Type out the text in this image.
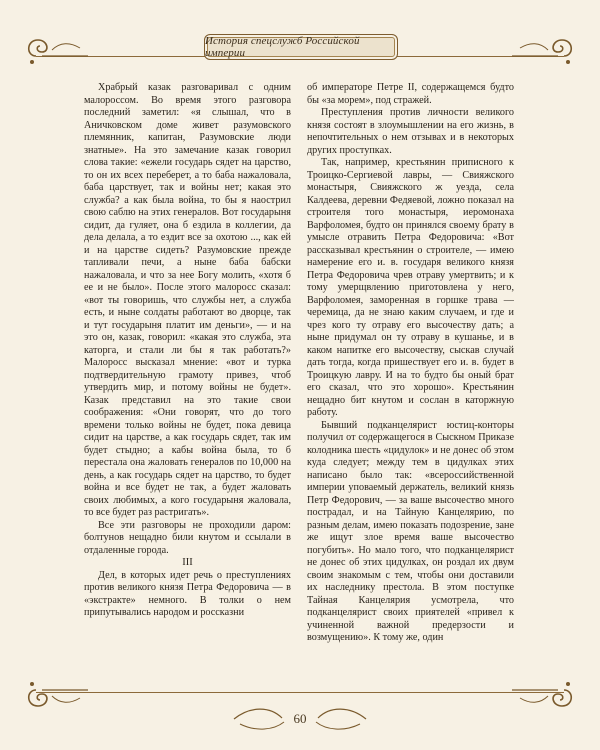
История спецслужб Российской империи

Храбрый казак разговаривал с одним малороссом. Во время этого разговора последний заметил: «я слышал, что в Аничковском доме живет разумовского племянник, капитан, Разумовские люди знатные». На это замечание казак говорил слова такие: «ежели государь сядет на царство, то он их всех переберет, а то баба нажаловала, баба царствует, так и войны нет; какая это служба? а как была война, то бы я наострил свою саблю на этих генералов. Вот государыня сидит, да гуляет, она б ездила в коллегии, да дела делала, а то ездит все за охотою ..., как ей и на царстве сидеть? Разумовские прежде тапливали печи, а ныне баба бабски нажаловала, и что за нее Богу молить, «хотя б ее и не было». После этого малоросс сказал: «вот ты говоришь, что службы нет, а служба есть, и ныне солдаты работают во дворце, так и тут государыня платит им деньги», — и на это он, казак, говорил: «какая это служба, эта каторга, и стали ли бы я так работать?» Малоросс высказал мнение: «вот и турка подтвердительную грамоту привез, чтоб утвердить мир, и потому войны не будет». Казак представил на это такие свои соображения: «Они говорят, что до того времени только войны не будет, пока девица сидит на царстве, а как государь сядет, так им будет стыдно; а кабы война была, то б перестала она жаловать генералов по 10,000 на день, а как государь сядет на царство, то будет война и все будет не так, а будет жаловать своих любимых, а кого государыня жаловала, то все будет раз растригать».

Все эти разговоры не проходили даром: болтунов нещадно били кнутом и ссылали в отдаленные города.

III

Дел, в которых идет речь о преступлениях против великого князя Петра Федоровича — в «экстракте» немного. В толки о нем припутывались народом и россказни

об императоре Петре II, содержащемся будто бы «за морем», под стражей.

Преступления против личности великого князя состоят в злоумышлении на его жизнь, в непочтительных о нем отзывах и в некоторых других проступках.

Так, например, крестьянин приписного к Троицко-Сергиевой лавры, — Свияжского монастыря, Свияжского ж уезда, села Калдеева, деревни Федяевой, ложно показал на строителя того монастыря, иеромонаха Варфоломея, будто он принялся своему брату в умысле отравить Петра Федоровича: «Вот рассказывал крестьянин о строителе, — имею намерение его и. в. государя великого князя Петра Федоровича чрев отраву умертвить; и к тому умерщвлению приготовлена у него, Варфоломея, заморенная в горшке трава — черемица, да не знаю каким случаем, и где и чрез кого ту отраву его высочеству дать; а ныне придумал он ту отраву в кушанье, и в каком напитке его высочеству, сыскав случай дать тогда, когда пришествует его и. в. будет в Троицкую лавру. И на то будто бы оный брат его сказал, что это хорошо». Крестьянин нещадно бит кнутом и сослан в каторжную работу.

Бывший подканцелярист юстиц-конторы получил от содержащегося в Сыскном Приказе колодника шесть «цидулок» и не донес об этом куда следует; между тем в цидулках этих написано было так: «всероссийственной империи уповаемый держатель, великий князь Петр Федорович, — за ваше высочество много пострадал, и на Тайную Канцелярию, по разным делам, имею показать подозрение, зане же ищут злое время ваше высочество погубить». Но мало того, что подканцелярист не донес об этих цидулках, он роздал их двум своим знакомым с тем, чтобы они доставили их наследнику престола. В этом поступке Тайная Канцелярия усмотрела, что подканцелярист своих приятелей «привел к учиненной важной предерзости и возмущению». К тому же, один

60
